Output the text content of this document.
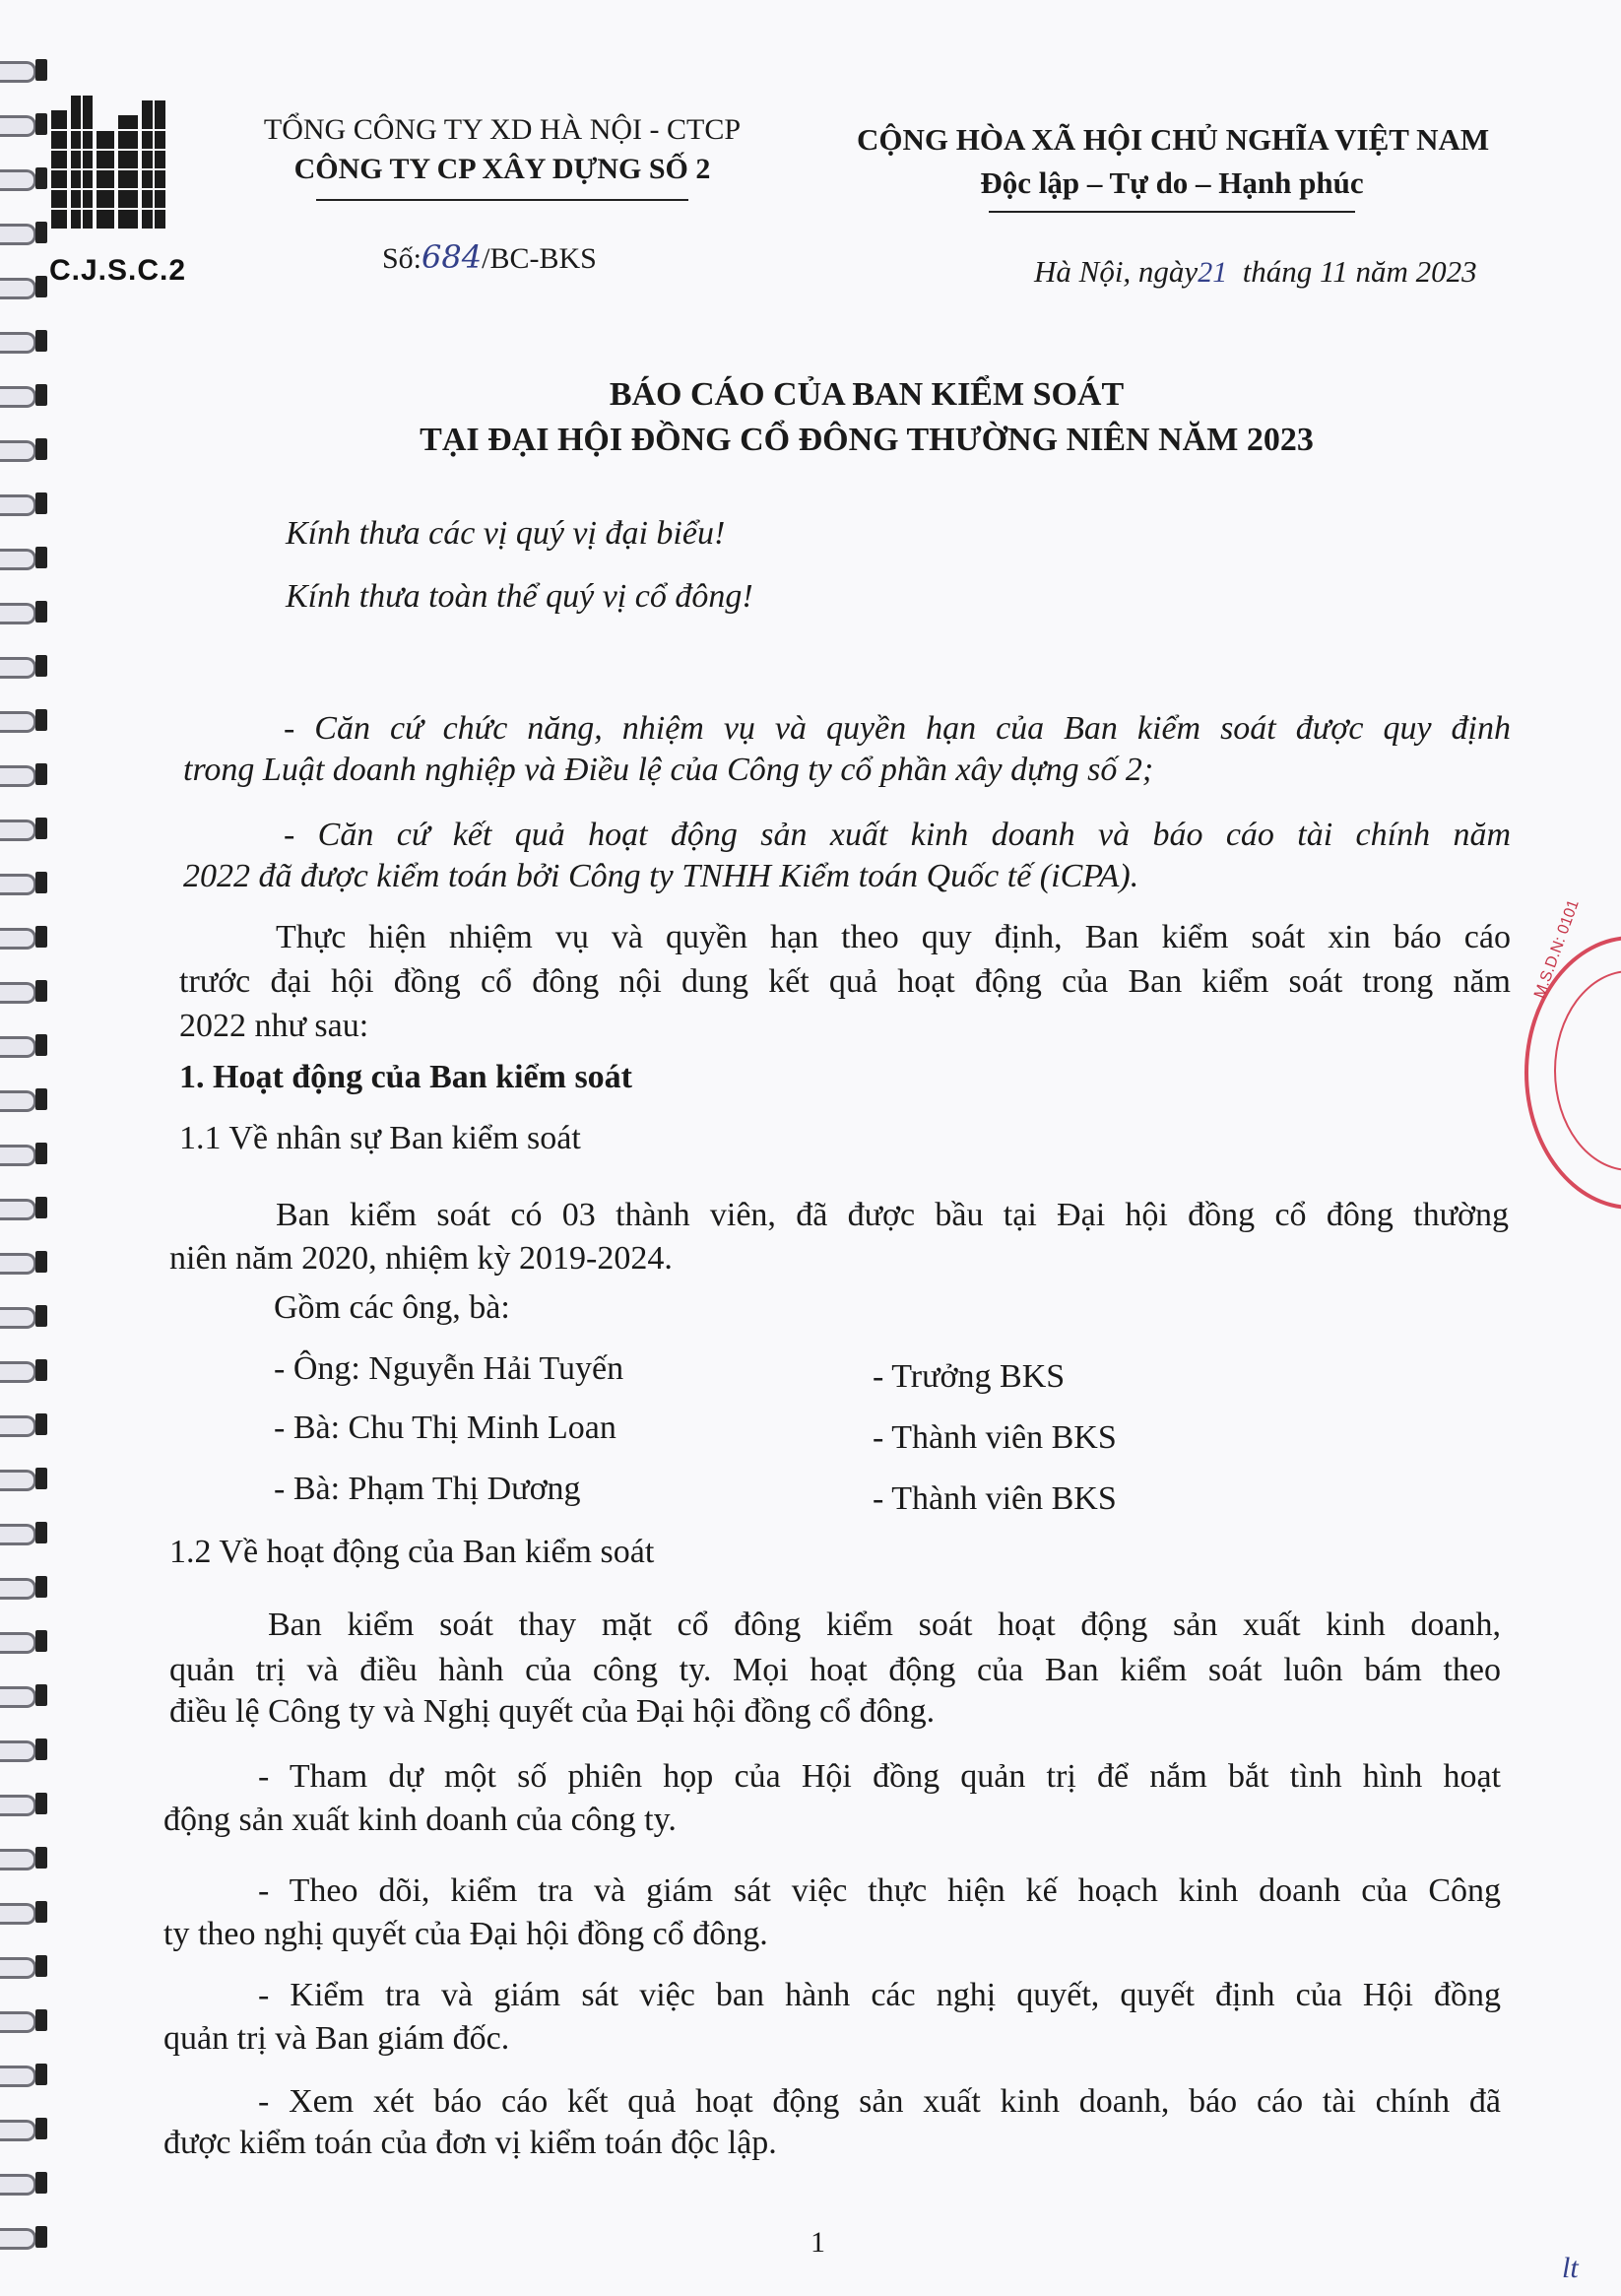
C.J.S.C.2
TỔNG CÔNG TY XD HÀ NỘI - CTCP
CÔNG TY CP XÂY DỰNG SỐ 2
CỘNG HÒA XÃ HỘI CHỦ NGHĨA VIỆT NAM
Độc lập – Tự do – Hạnh phúc
Số:684/BC-BKS	Hà Nội, ngày21 tháng 11 năm 2023
BÁO CÁO CỦA BAN KIỂM SOÁT
TẠI ĐẠI HỘI ĐỒNG CỔ ĐÔNG THƯỜNG NIÊN NĂM 2023
Kính thưa các vị quý vị đại biểu!
Kính thưa toàn thể quý vị cổ đông!
- Căn cứ chức năng, nhiệm vụ và quyền hạn của Ban kiểm soát được quy định
trong Luật doanh nghiệp và Điều lệ của Công ty cổ phần xây dựng số 2;
- Căn cứ kết quả hoạt động sản xuất kinh doanh và báo cáo tài chính năm
2022 đã được kiểm toán bởi Công ty TNHH Kiểm toán Quốc tế (iCPA).
Thực hiện nhiệm vụ và quyền hạn theo quy định, Ban kiểm soát xin báo cáo
trước đại hội đồng cổ đông nội dung kết quả hoạt động của Ban kiểm soát trong năm
2022 như sau:
1. Hoạt động của Ban kiểm soát
1.1 Về nhân sự Ban kiểm soát
Ban kiểm soát có 03 thành viên, đã được bầu tại Đại hội đồng cổ đông thường
niên năm 2020, nhiệm kỳ 2019-2024.
Gồm các ông, bà:
- Ông: Nguyễn Hải Tuyến	- Trưởng BKS
- Bà: Chu Thị Minh Loan	- Thành viên BKS
- Bà: Phạm Thị Dương	- Thành viên BKS
1.2 Về hoạt động của Ban kiểm soát
Ban kiểm soát thay mặt cổ đông kiểm soát hoạt động sản xuất kinh doanh,
quản trị và điều hành của công ty. Mọi hoạt động của Ban kiểm soát luôn bám theo
điều lệ Công ty và Nghị quyết của Đại hội đồng cổ đông.
- Tham dự một số phiên họp của Hội đồng quản trị để nắm bắt tình hình hoạt
động sản xuất kinh doanh của công ty.
- Theo dõi, kiểm tra và giám sát việc thực hiện kế hoạch kinh doanh của Công
ty theo nghị quyết của Đại hội đồng cổ đông.
- Kiểm tra và giám sát việc ban hành các nghị quyết, quyết định của Hội đồng
quản trị và Ban giám đốc.
- Xem xét báo cáo kết quả hoạt động sản xuất kinh doanh, báo cáo tài chính đã
được kiểm toán của đơn vị kiểm toán độc lập.
M.S.D.N: 0101
1
lt
